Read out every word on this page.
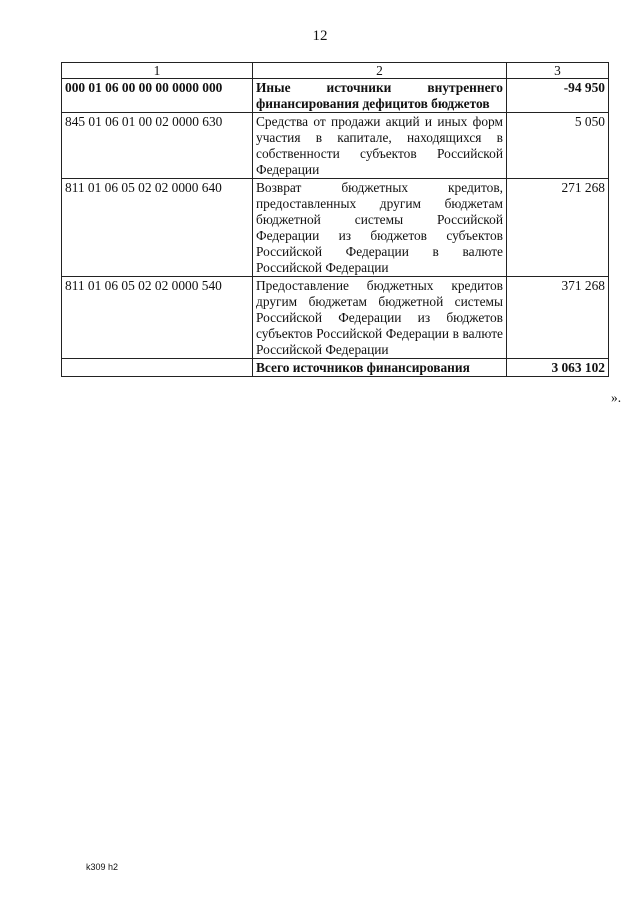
12
1	2	3
000 01 06 00 00 00 0000 000	Иные источники внутреннего финансирования дефицитов бюджетов	-94 950
845 01 06 01 00 02 0000 630	Средства от продажи акций и иных форм участия в капитале, находящихся в собственности субъектов Российской Федерации	5 050
811 01 06 05 02 02 0000 640	Возврат бюджетных кредитов, предоставленных другим бюджетам бюджетной системы Российской Федерации из бюджетов субъектов Российской Федерации в валюте Российской Федерации	271 268
811 01 06 05 02 02 0000 540	Предоставление бюджетных кредитов другим бюджетам бюджетной системы Российской Федерации из бюджетов субъектов Российской Федерации в валюте Российской Федерации	371 268
	Всего источников финансирования	3 063 102
».
k309 h2
